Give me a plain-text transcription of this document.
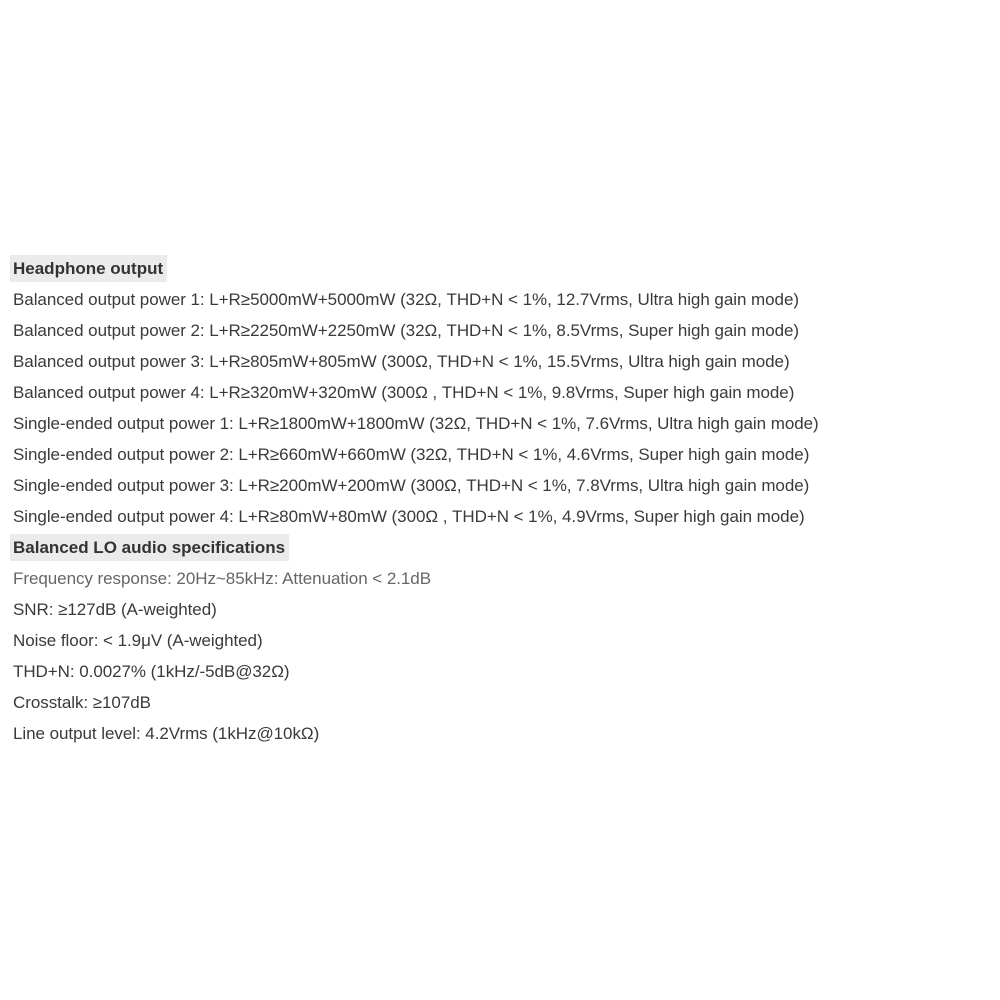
Headphone output
Balanced output power 1: L+R≥5000mW+5000mW (32Ω, THD+N < 1%, 12.7Vrms, Ultra high gain mode)
Balanced output power 2: L+R≥2250mW+2250mW (32Ω, THD+N < 1%, 8.5Vrms, Super high gain mode)
Balanced output power 3: L+R≥805mW+805mW (300Ω, THD+N < 1%, 15.5Vrms, Ultra high gain mode)
Balanced output power 4: L+R≥320mW+320mW (300Ω , THD+N < 1%, 9.8Vrms, Super high gain mode)
Single-ended output power 1: L+R≥1800mW+1800mW (32Ω, THD+N < 1%, 7.6Vrms, Ultra high gain mode)
Single-ended output power 2: L+R≥660mW+660mW (32Ω, THD+N < 1%, 4.6Vrms, Super high gain mode)
Single-ended output power 3: L+R≥200mW+200mW (300Ω, THD+N < 1%, 7.8Vrms, Ultra high gain mode)
Single-ended output power 4: L+R≥80mW+80mW (300Ω , THD+N < 1%, 4.9Vrms, Super high gain mode)
Balanced LO audio specifications
Frequency response: 20Hz~85kHz: Attenuation < 2.1dB
SNR: ≥127dB (A-weighted)
Noise floor: < 1.9μV (A-weighted)
THD+N: 0.0027% (1kHz/-5dB@32Ω)
Crosstalk: ≥107dB
Line output level: 4.2Vrms (1kHz@10kΩ)
